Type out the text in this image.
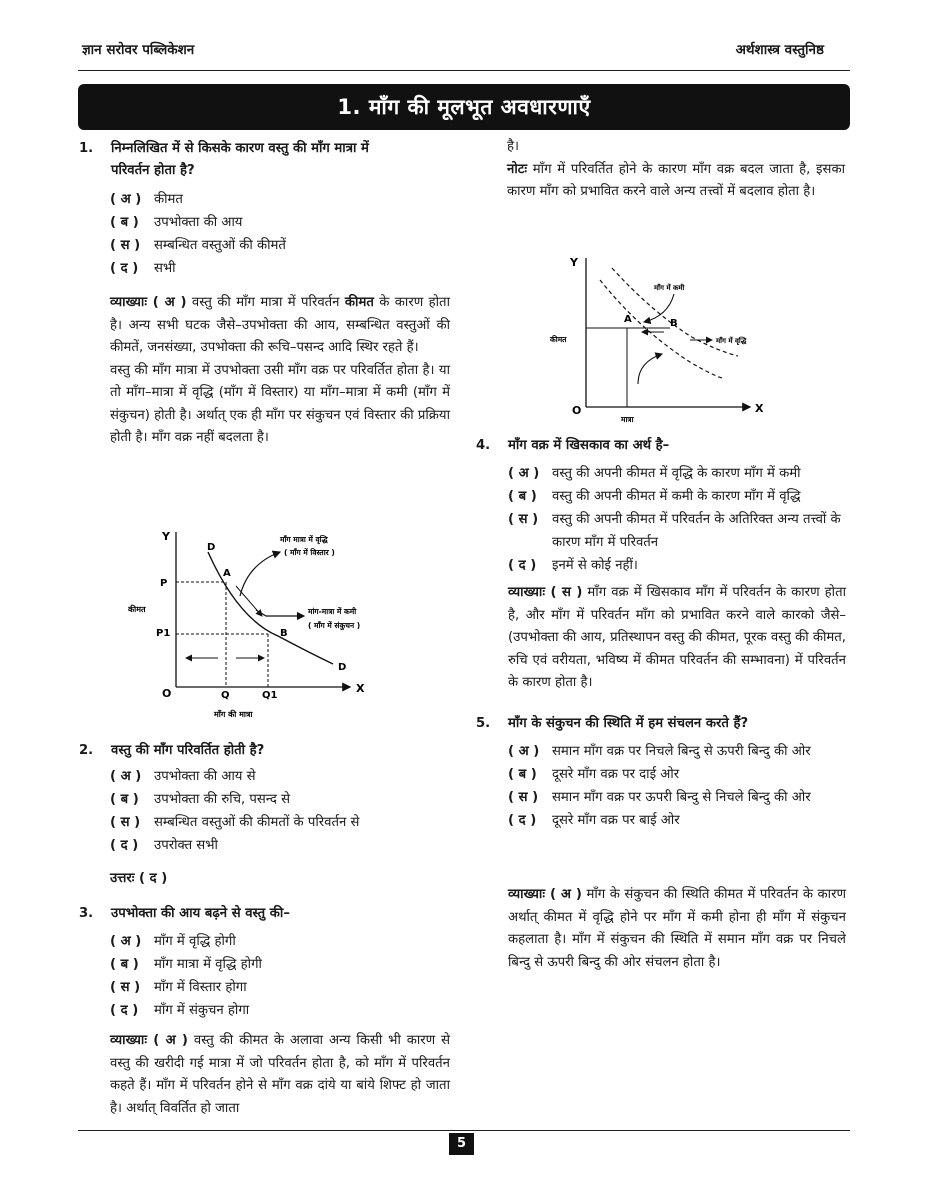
ज्ञान सरोवर पब्लिकेशन	अर्थशास्त्र वस्तुनिष्ठ
1. माँग की मूलभूत अवधारणाएँ
1. निम्नलिखित में से किसके कारण वस्तु की माँग मात्रा में
परिवर्तन होता है?
( अ ) कीमत
( ब ) उपभोक्ता की आय
( स ) सम्बन्धित वस्तुओं की कीमतें
( द ) सभी
व्याख्याः ( अ ) वस्तु की माँग मात्रा में परिवर्तन कीमत के कारण होता है। अन्य सभी घटक जैसे–उपभोक्ता की आय, सम्बन्धित वस्तुओं की कीमतें, जनसंख्या, उपभोक्ता की रूचि–पसन्द आदि स्थिर रहते हैं।
वस्तु की माँग मात्रा में उपभोक्ता उसी माँग वक्र पर परिवर्तित होता है। या तो माँग–मात्रा में वृद्धि (माँग में विस्तार) या माँग–मात्रा में कमी (माँग में संकुचन) होती है। अर्थात् एक ही माँग पर संकुचन एवं विस्तार की प्रक्रिया होती है। माँग वक्र नहीं बदलता है।
Y
X
O
P
P1
कीमत
Q	Q1
माँग की मात्रा
D
D
A
B
माँग मात्रा में वृद्धि
( माँग में विस्तार )
मांग-मात्रा में कमी
( माँग में संकुचन )
2. वस्तु की माँग परिवर्तित होती है?
( अ ) उपभोक्ता की आय से
( ब ) उपभोक्ता की रुचि, पसन्द से
( स ) सम्बन्धित वस्तुओं की कीमतों के परिवर्तन से
( द ) उपरोक्त सभी
उत्तरः ( द )
3. उपभोक्ता की आय बढ़ने से वस्तु की–
( अ ) माँग में वृद्धि होगी
( ब ) माँग मात्रा में वृद्धि होगी
( स ) माँग में विस्तार होगा
( द ) माँग में संकुचन होगा
व्याख्याः ( अ ) वस्तु की कीमत के अलावा अन्य किसी भी कारण से वस्तु की खरीदी गई मात्रा में जो परिवर्तन होता है, को माँग में परिवर्तन कहते हैं। माँग में परिवर्तन होने से माँग वक्र दांये या बांये शिफ्ट हो जाता है। अर्थात् विवर्तित हो जाता
है।
नोटः माँग में परिवर्तित होने के कारण माँग वक्र बदल जाता है, इसका कारण माँग को प्रभावित करने वाले अन्य तत्त्वों में बदलाव होता है।
Y
X
O
कीमत
मात्रा
A	B
माँग में कमी
माँग में वृद्धि
4. माँग वक्र में खिसकाव का अर्थ है–
( अ ) वस्तु की अपनी कीमत में वृद्धि के कारण माँग में कमी
( ब ) वस्तु की अपनी कीमत में कमी के कारण माँग में वृद्धि
( स ) वस्तु की अपनी कीमत में परिवर्तन के अतिरिक्त अन्य तत्त्वों के कारण माँग में परिवर्तन
( द ) इनमें से कोई नहीं।
व्याख्याः ( स ) माँग वक्र में खिसकाव माँग में परिवर्तन के कारण होता है, और माँग में परिवर्तन माँग को प्रभावित करने वाले कारको जैसे–(उपभोक्ता की आय, प्रतिस्थापन वस्तु की कीमत, पूरक वस्तु की कीमत, रुचि एवं वरीयता, भविष्य में कीमत परिवर्तन की सम्भावना) में परिवर्तन के कारण होता है।
5. माँग के संकुचन की स्थिति में हम संचलन करते हैं?
( अ ) समान माँग वक्र पर निचले बिन्दु से ऊपरी बिन्दु की ओर
( ब ) दूसरे माँग वक्र पर दाई ओर
( स ) समान माँग वक्र पर ऊपरी बिन्दु से निचले बिन्दु की ओर
( द ) दूसरे माँग वक्र पर बाई ओर
व्याख्याः ( अ ) माँग के संकुचन की स्थिति कीमत में परिवर्तन के कारण अर्थात् कीमत में वृद्धि होने पर माँग में कमी होना ही माँग में संकुचन कहलाता है। माँग में संकुचन की स्थिति में समान माँग वक्र पर निचले बिन्दु से ऊपरी बिन्दु की ओर संचलन होता है।
5
